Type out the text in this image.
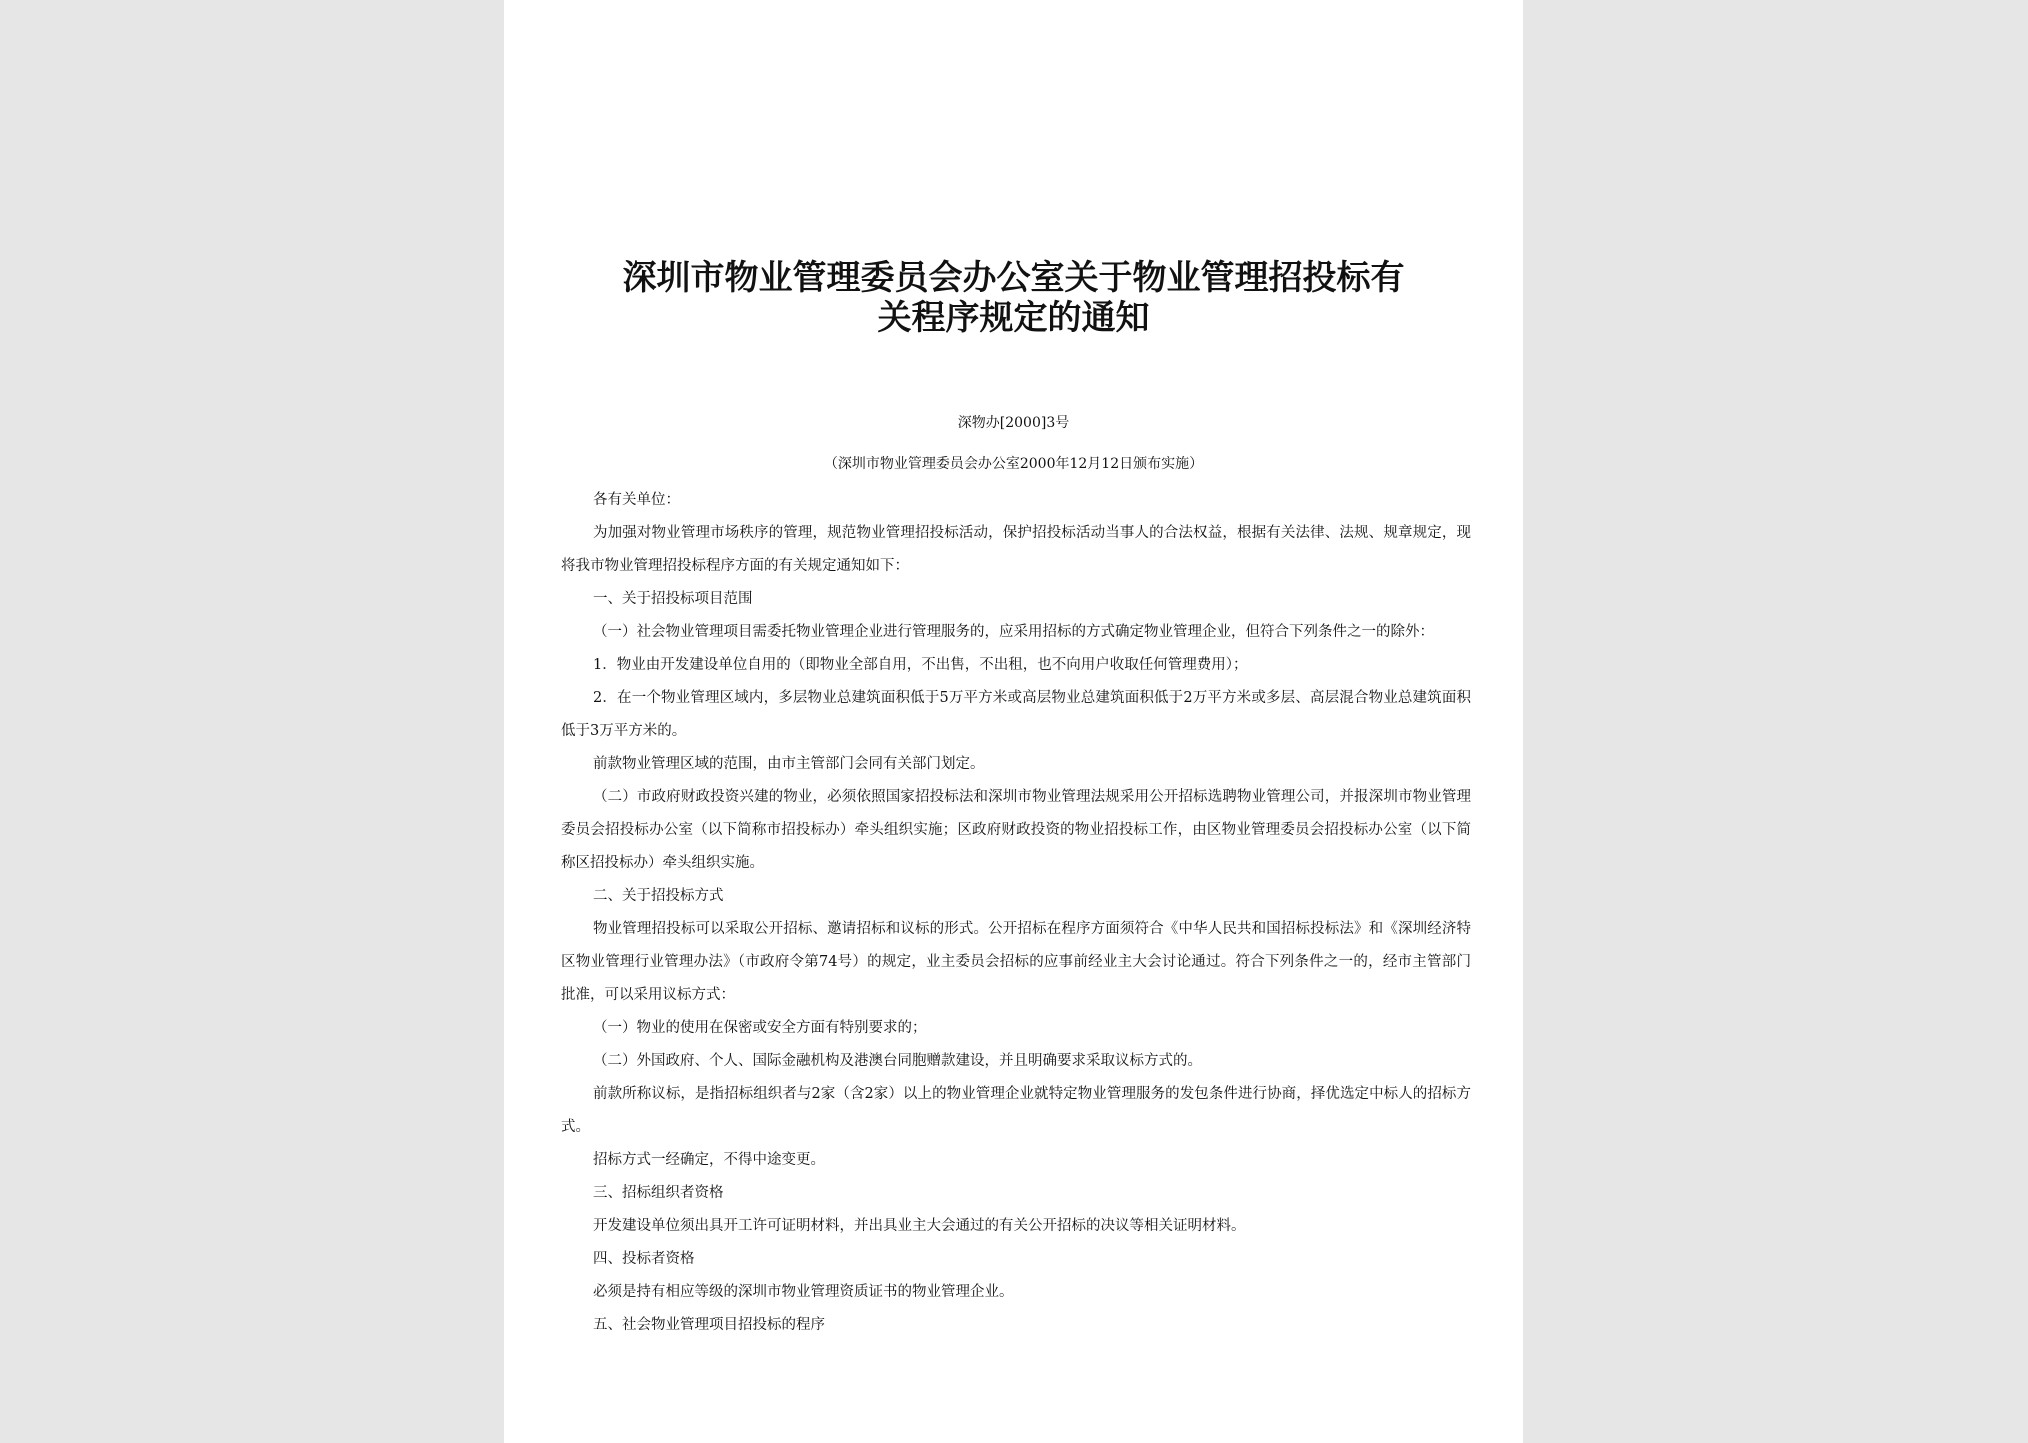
深圳市物业管理委员会办公室关于物业管理招投标有
关程序规定的通知
深物办[2000]3号
（深圳市物业管理委员会办公室2000年12月12日颁布实施）

各有关单位：

为加强对物业管理市场秩序的管理，规范物业管理招投标活动，保护招投标活动当事人的合法权益，根据有关法律、法规、规章规定，现将我市物业管理招投标程序方面的有关规定通知如下：

一、关于招投标项目范围

（一）社会物业管理项目需委托物业管理企业进行管理服务的，应采用招标的方式确定物业管理企业，但符合下列条件之一的除外：

1．物业由开发建设单位自用的（即物业全部自用，不出售，不出租，也不向用户收取任何管理费用）；

2．在一个物业管理区域内，多层物业总建筑面积低于5万平方米或高层物业总建筑面积低于2万平方米或多层、高层混合物业总建筑面积低于3万平方米的。

前款物业管理区域的范围，由市主管部门会同有关部门划定。

（二）市政府财政投资兴建的物业，必须依照国家招投标法和深圳市物业管理法规采用公开招标选聘物业管理公司，并报深圳市物业管理委员会招投标办公室（以下简称市招投标办）牵头组织实施；区政府财政投资的物业招投标工作，由区物业管理委员会招投标办公室（以下简称区招投标办）牵头组织实施。

二、关于招投标方式

物业管理招投标可以采取公开招标、邀请招标和议标的形式。公开招标在程序方面须符合《中华人民共和国招标投标法》和《深圳经济特区物业管理行业管理办法》（市政府令第74号）的规定，业主委员会招标的应事前经业主大会讨论通过。符合下列条件之一的，经市主管部门批准，可以采用议标方式：

（一）物业的使用在保密或安全方面有特别要求的；

（二）外国政府、个人、国际金融机构及港澳台同胞赠款建设，并且明确要求采取议标方式的。

前款所称议标，是指招标组织者与2家（含2家）以上的物业管理企业就特定物业管理服务的发包条件进行协商，择优选定中标人的招标方式。

招标方式一经确定，不得中途变更。

三、招标组织者资格

开发建设单位须出具开工许可证明材料，并出具业主大会通过的有关公开招标的决议等相关证明材料。

四、投标者资格

必须是持有相应等级的深圳市物业管理资质证书的物业管理企业。

五、社会物业管理项目招投标的程序
